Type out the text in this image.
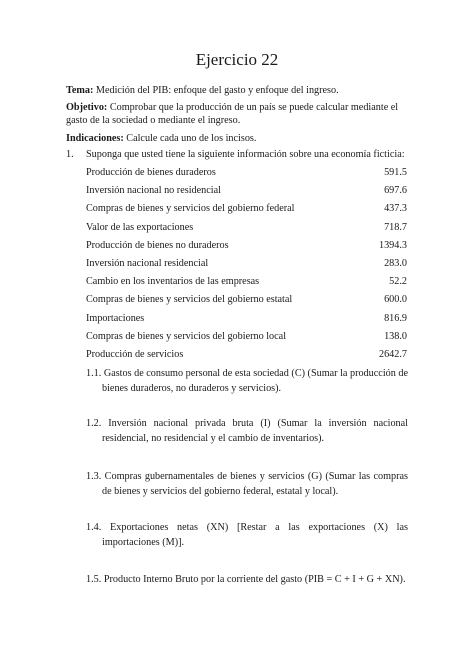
Ejercicio 22
Tema: Medición del PIB: enfoque del gasto y enfoque del ingreso.
Objetivo: Comprobar que la producción de un país se puede calcular mediante el gasto de la sociedad o mediante el ingreso.
Indicaciones: Calcule cada uno de los incisos.
1. Suponga que usted tiene la siguiente información sobre una economía ficticia:
Producción de bienes duraderos	591.5
Inversión nacional no residencial	697.6
Compras de bienes y servicios del gobierno federal	437.3
Valor de las exportaciones	718.7
Producción de bienes no duraderos	1394.3
Inversión nacional residencial	283.0
Cambio en los inventarios de las empresas	52.2
Compras de bienes y servicios del gobierno estatal	600.0
Importaciones	816.9
Compras de bienes y servicios del gobierno local	138.0
Producción de servicios	2642.7
1.1. Gastos de consumo personal de esta sociedad (C) (Sumar la producción de bienes duraderos, no duraderos y servicios).
1.2. Inversión nacional privada bruta (I) (Sumar la inversión nacional residencial, no residencial y el cambio de inventarios).
1.3. Compras gubernamentales de bienes y servicios (G) (Sumar las compras de bienes y servicios del gobierno federal, estatal y local).
1.4. Exportaciones netas (XN) [Restar a las exportaciones (X) las importaciones (M)].
1.5. Producto Interno Bruto por la corriente del gasto (PIB = C + I + G + XN).
